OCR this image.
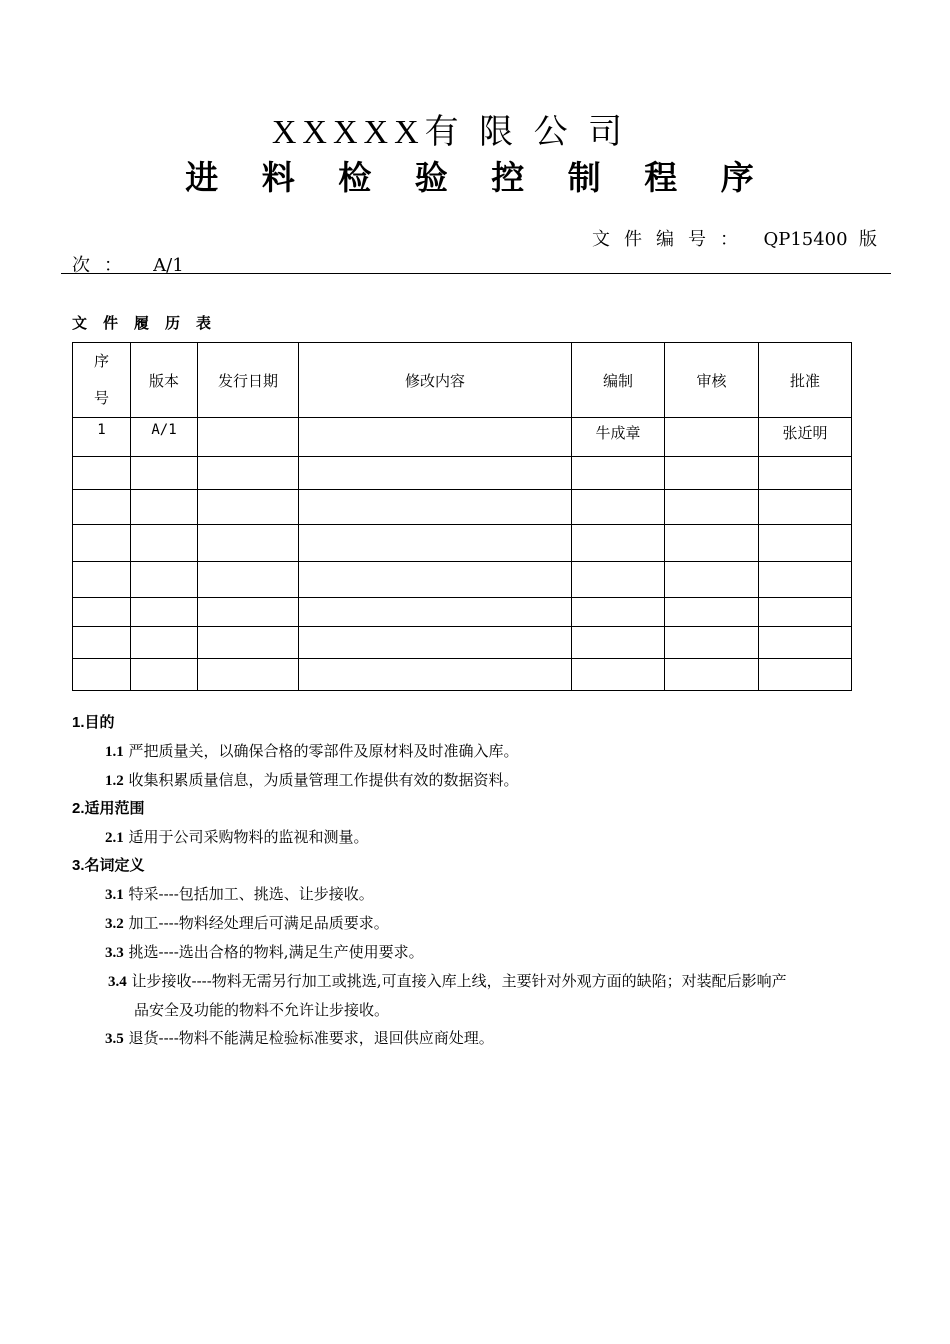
XXXXX有 限 公 司
进 料 检 验 控 制 程 序
文件编号： QP15400 版
次： A/1
文件履历表
序
号	版本	发行日期	修改内容	编制	审核	批准
1	A/1			牛成章		张近明

1.目的
1.1 严把质量关，以确保合格的零部件及原材料及时准确入库。
1.2 收集积累质量信息，为质量管理工作提供有效的数据资料。
2.适用范围
2.1 适用于公司采购物料的监视和测量。
3.名词定义
3.1 特采----包括加工、挑选、让步接收。
3.2 加工----物料经处理后可满足品质要求。
3.3 挑选----选出合格的物料,满足生产使用要求。
3.4 让步接收----物料无需另行加工或挑选,可直接入库上线，主要针对外观方面的缺陷；对装配后影响产
品安全及功能的物料不允许让步接收。
3.5 退货----物料不能满足检验标准要求，退回供应商处理。
